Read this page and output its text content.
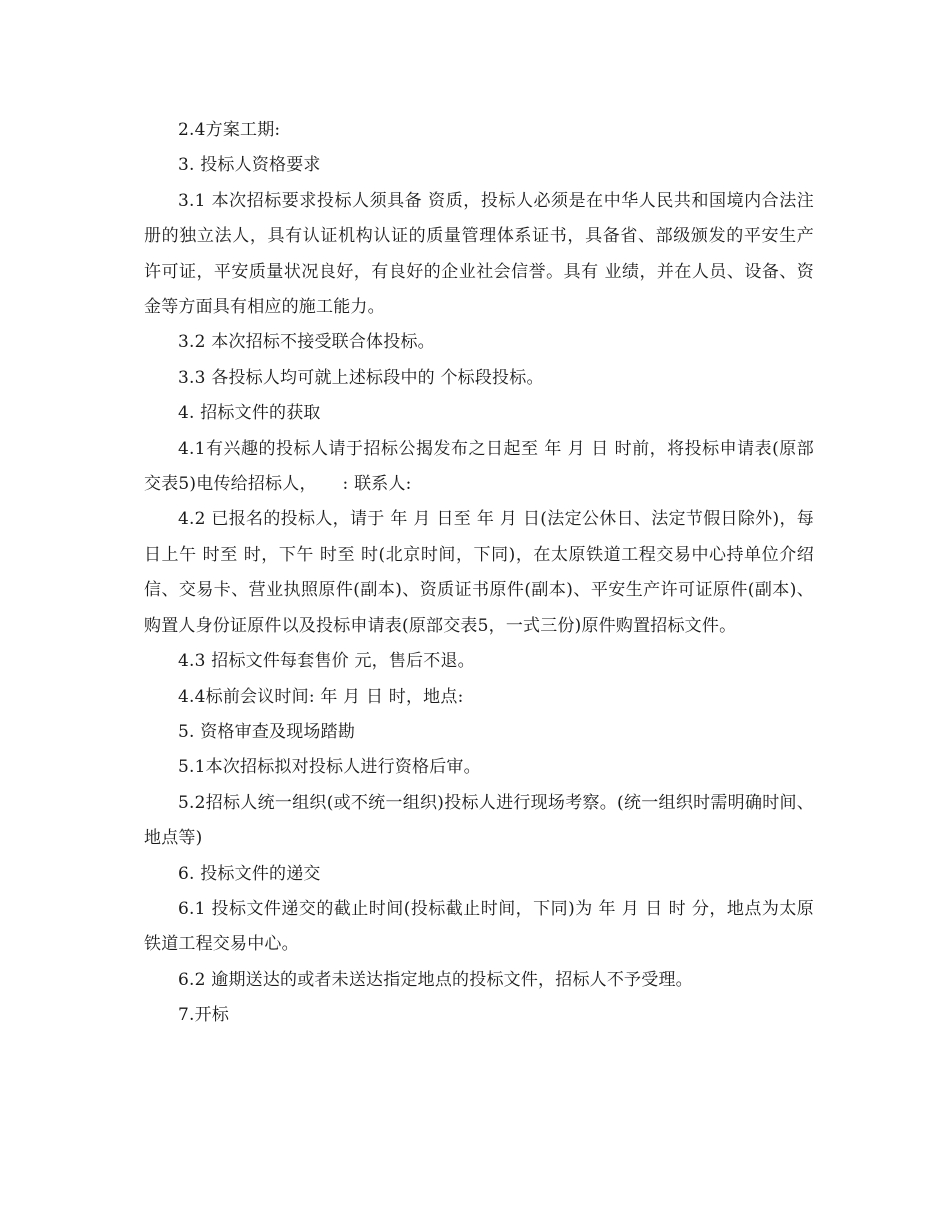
2.4方案工期:

3. 投标人资格要求

3.1 本次招标要求投标人须具备 资质，投标人必须是在中华人民共和国境内合法注册的独立法人，具有认证机构认证的质量管理体系证书，具备省、部级颁发的平安生产许可证，平安质量状况良好，有良好的企业社会信誉。具有 业绩，并在人员、设备、资金等方面具有相应的施工能力。

3.2 本次招标不接受联合体投标。

3.3 各投标人均可就上述标段中的 个标段投标。

4. 招标文件的获取

4.1有兴趣的投标人请于招标公揭发布之日起至 年 月 日 时前，将投标申请表(原部交表5)电传给招标人，　　: 联系人:

4.2 已报名的投标人，请于 年 月 日至 年 月 日(法定公休日、法定节假日除外)，每日上午 时至 时，下午 时至 时(北京时间，下同)，在太原铁道工程交易中心持单位介绍信、交易卡、营业执照原件(副本)、资质证书原件(副本)、平安生产许可证原件(副本)、购置人身份证原件以及投标申请表(原部交表5，一式三份)原件购置招标文件。

4.3 招标文件每套售价 元，售后不退。

4.4标前会议时间: 年 月 日 时，地点:

5. 资格审查及现场踏勘

5.1本次招标拟对投标人进行资格后审。

5.2招标人统一组织(或不统一组织)投标人进行现场考察。(统一组织时需明确时间、地点等)

6. 投标文件的递交

6.1 投标文件递交的截止时间(投标截止时间，下同)为 年 月 日 时 分，地点为太原铁道工程交易中心。

6.2 逾期送达的或者未送达指定地点的投标文件，招标人不予受理。

7.开标
